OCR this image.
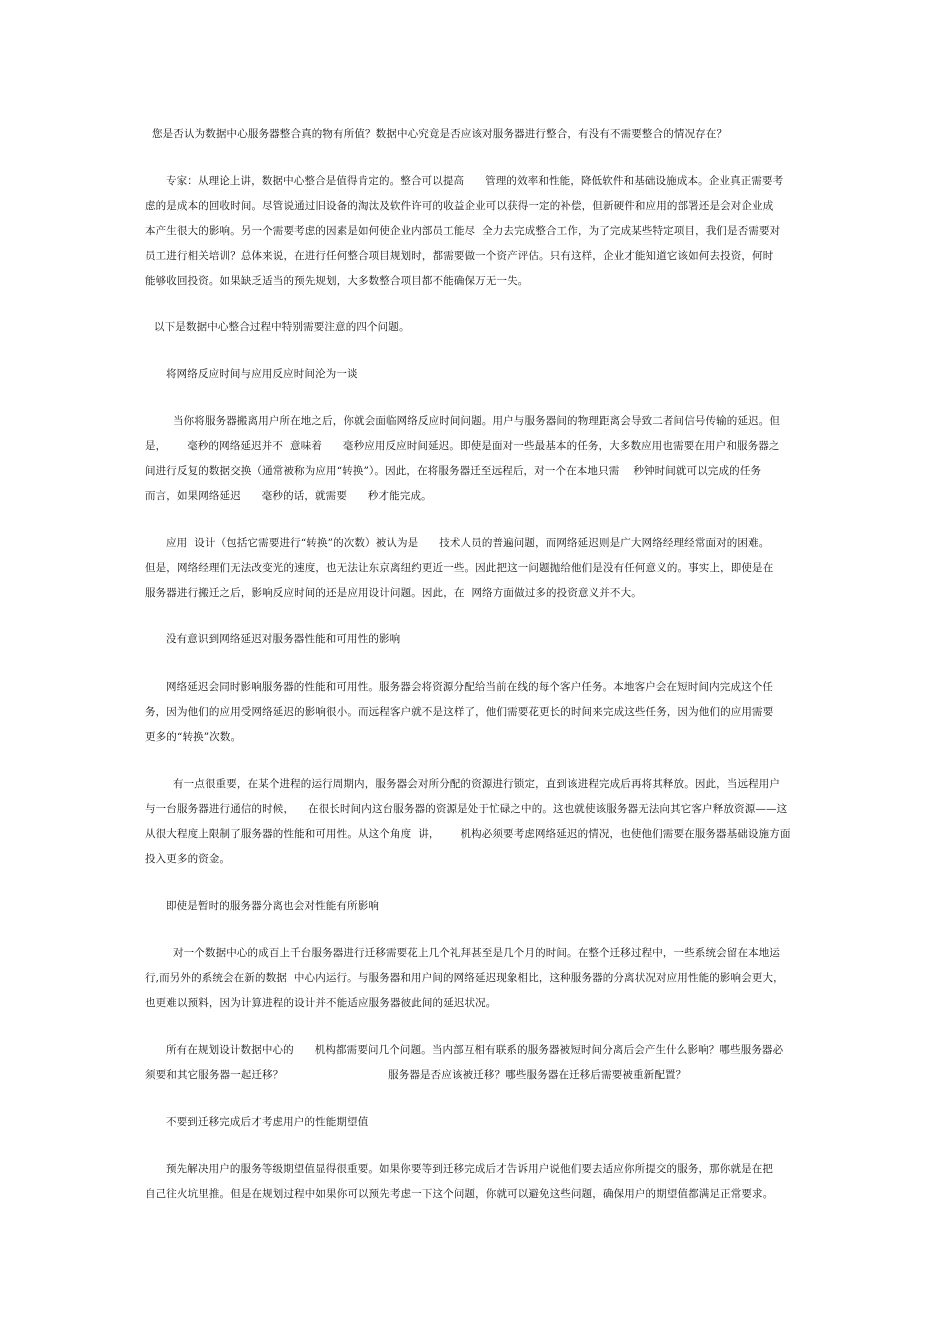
您是否认为数据中心服务器整合真的物有所值？数据中心究竟是否应该对服务器进行整合，有没有不需要整合的情况存在？

专家：从理论上讲，数据中心整合是值得肯定的。整合可以提高      管理的效率和性能，降低软件和基础设施成本。企业真正需要考

虑的是成本的回收时间。尽管说通过旧设备的淘汰及软件许可的收益企业可以获得一定的补偿，但新硬件和应用的部署还是会对企业成

本产生很大的影响。另一个需要考虑的因素是如何使企业内部员工能尽  全力去完成整合工作，为了完成某些特定项目，我们是否需要对

员工进行相关培训？总体来说，在进行任何整合项目规划时，都需要做一个资产评估。只有这样，企业才能知道它该如何去投资，何时

能够收回投资。如果缺乏适当的预先规划，大多数整合项目都不能确保万无一失。

以下是数据中心整合过程中特别需要注意的四个问题。

将网络反应时间与应用反应时间沦为一谈

当你将服务器搬离用户所在地之后，你就会面临网络反应时间问题。用户与服务器间的物理距离会导致二者间信号传输的延迟。但

是，      毫秒的网络延迟并不  意味着      毫秒应用反应时间延迟。即使是面对一些最基本的任务，大多数应用也需要在用户和服务器之

间进行反复的数据交换（通常被称为应用“转换”）。因此，在将服务器迁至远程后，对一个在本地只需    秒钟时间就可以完成的任务

而言，如果网络延迟      毫秒的话，就需要      秒才能完成。

应用  设计（包括它需要进行“转换”的次数）被认为是      技术人员的普遍问题，而网络延迟则是广大网络经理经常面对的困难。

但是，网络经理们无法改变光的速度，也无法让东京离纽约更近一些。因此把这一问题抛给他们是没有任何意义的。事实上，即使是在

服务器进行搬迁之后，影响反应时间的还是应用设计问题。因此，在  网络方面做过多的投资意义并不大。

没有意识到网络延迟对服务器性能和可用性的影响

网络延迟会同时影响服务器的性能和可用性。服务器会将资源分配给当前在线的每个客户任务。本地客户会在短时间内完成这个任

务，因为他们的应用受网络延迟的影响很小。而远程客户就不是这样了，他们需要花更长的时间来完成这些任务，因为他们的应用需要

更多的“转换”次数。

有一点很重要，在某个进程的运行周期内，服务器会对所分配的资源进行锁定，直到该进程完成后再将其释放。因此，当远程用户

与一台服务器进行通信的时候，    在很长时间内这台服务器的资源是处于忙碌之中的。这也就使该服务器无法向其它客户释放资源——这

从很大程度上限制了服务器的性能和可用性。从这个角度  讲，      机构必须要考虑网络延迟的情况，也使他们需要在服务器基础设施方面

投入更多的资金。

即使是暂时的服务器分离也会对性能有所影响

对一个数据中心的成百上千台服务器进行迁移需要花上几个礼拜甚至是几个月的时间。在整个迁移过程中，一些系统会留在本地运

行,而另外的系统会在新的数据  中心内运行。与服务器和用户间的网络延迟现象相比，这种服务器的分离状况对应用性能的影响会更大，

也更难以预料，因为计算进程的设计并不能适应服务器彼此间的延迟状况。

所有在规划设计数据中心的      机构都需要问几个问题。当内部互相有联系的服务器被短时间分离后会产生什么影响？哪些服务器必

须要和其它服务器一起迁移？                              服务器是否应该被迁移？哪些服务器在迁移后需要被重新配置？

不要到迁移完成后才考虑用户的性能期望值

预先解决用户的服务等级期望值显得很重要。如果你要等到迁移完成后才告诉用户说他们要去适应你所提交的服务，那你就是在把

自己往火坑里推。但是在规划过程中如果你可以预先考虑一下这个问题，你就可以避免这些问题，确保用户的期望值都满足正常要求。
